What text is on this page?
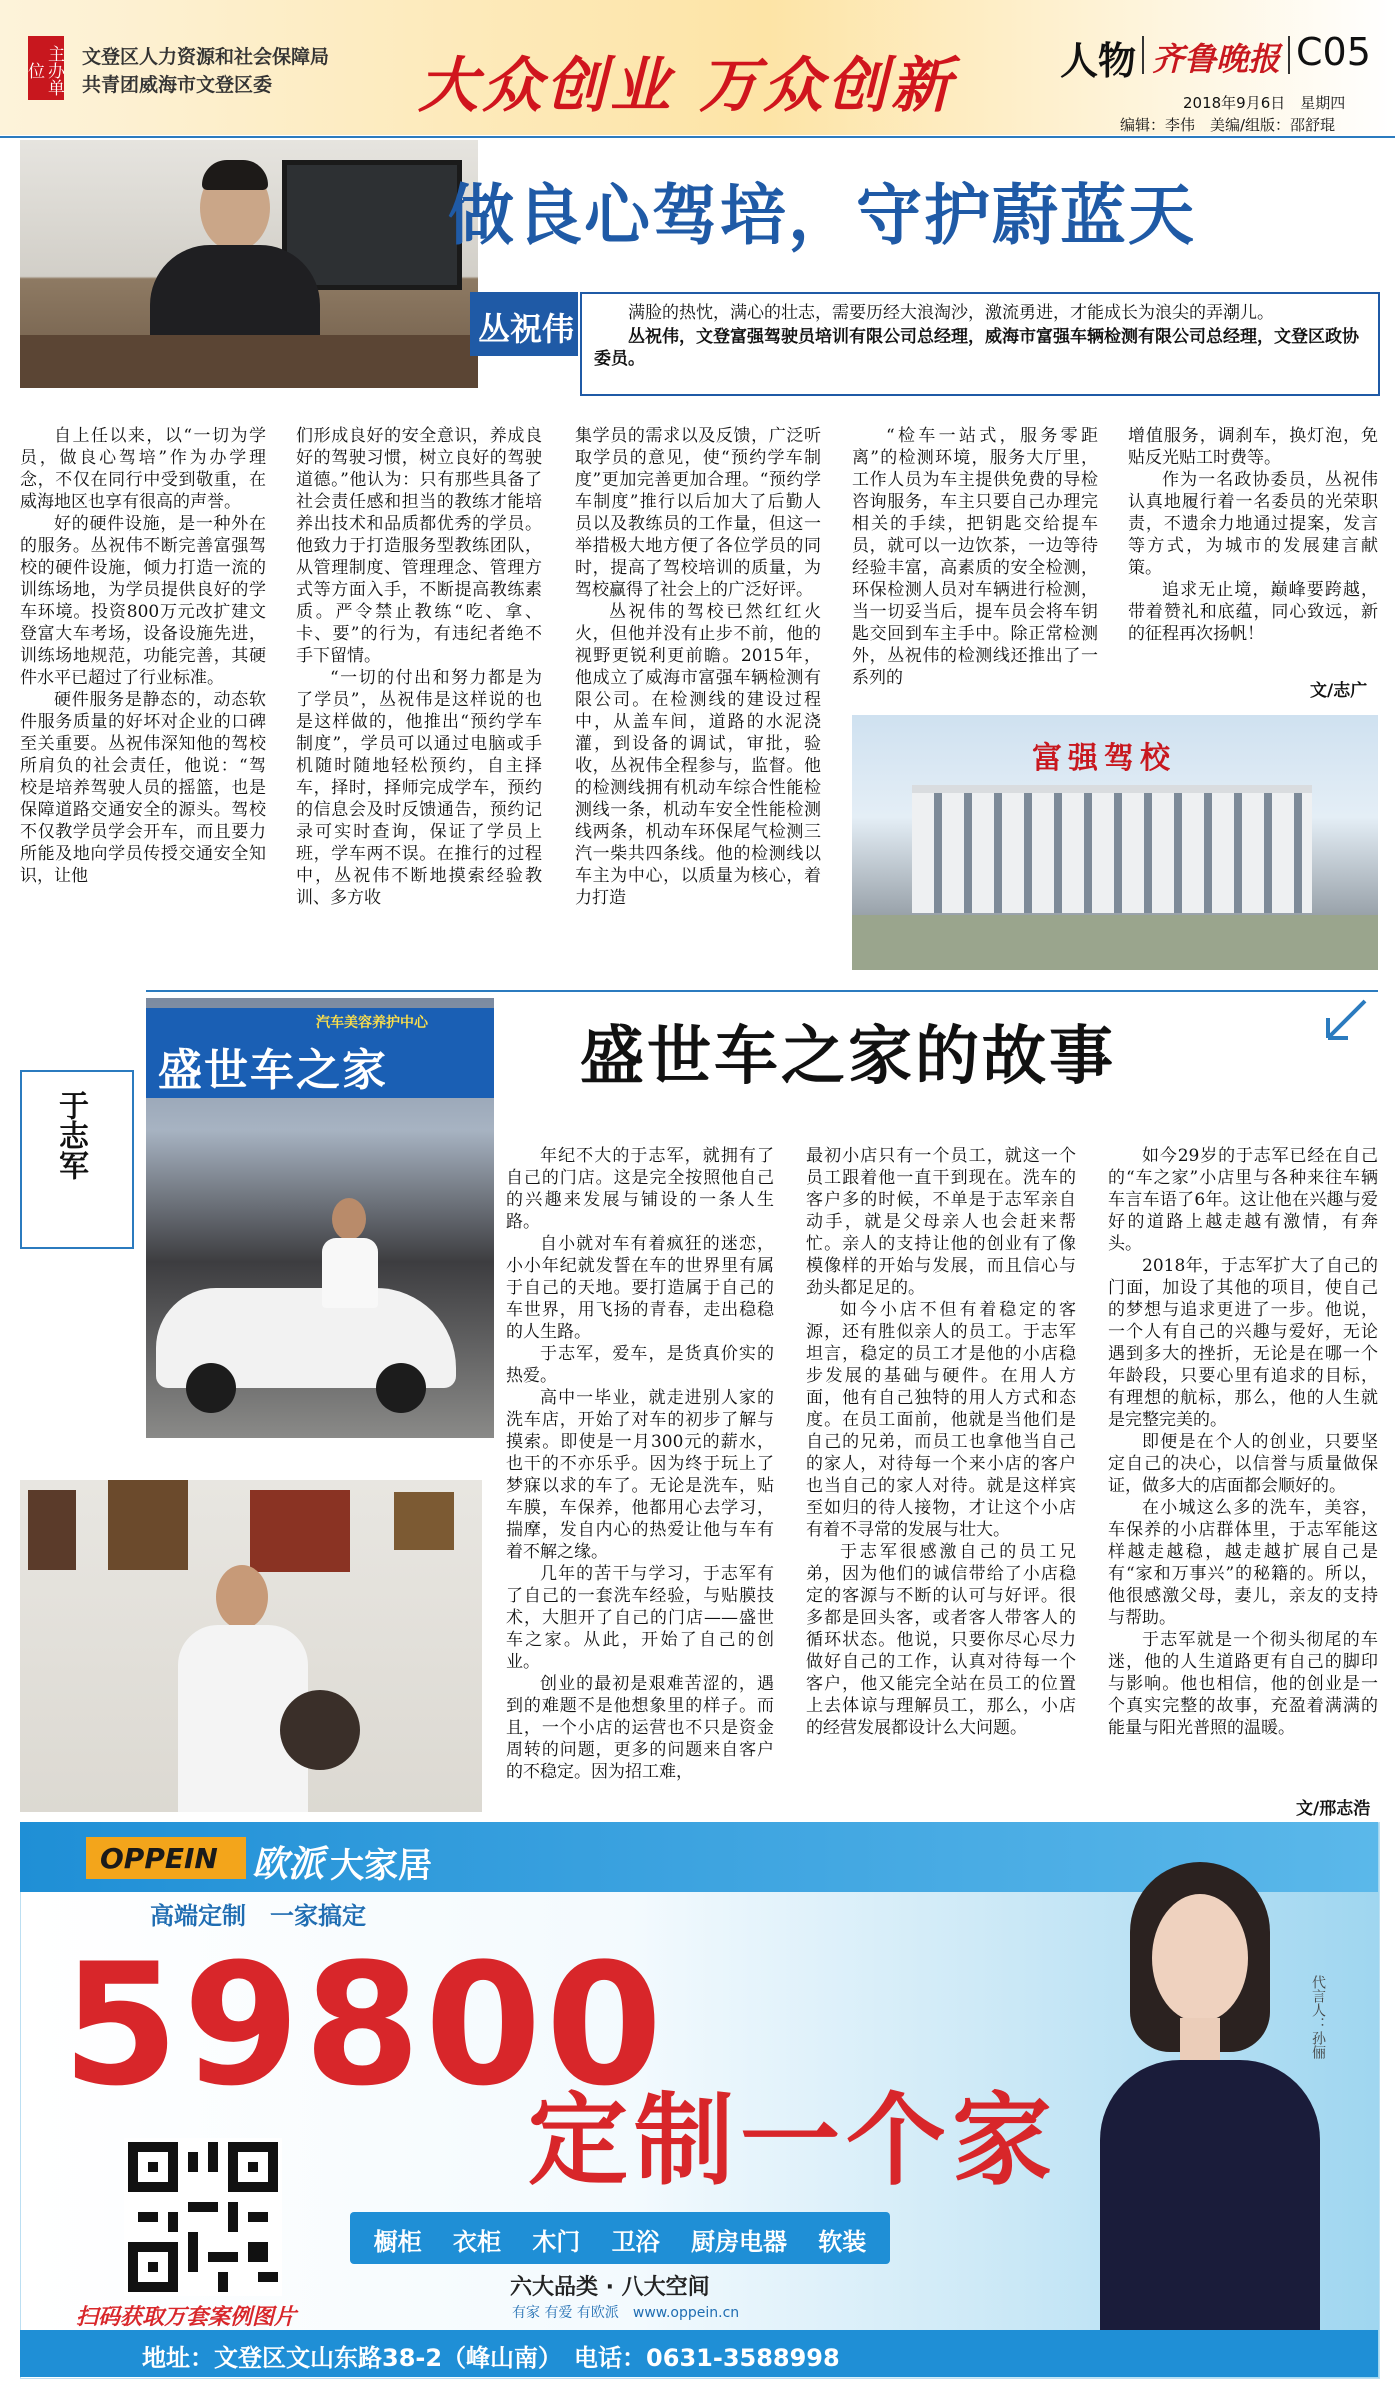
主办单位
文登区人力资源和社会保障局
共青团威海市文登区委 大众创业 万众创新	人物 齐鲁晚报 C05
2018年9月6日　星期四
编辑：李伟　美编/组版：邵舒琨
做良心驾培，守护蔚蓝天
丛祝伟	满脸的热忱，满心的壮志，需要历经大浪淘沙，激流勇进，才能成长为浪尖的弄潮儿。
丛祝伟，文登富强驾驶员培训有限公司总经理，威海市富强车辆检测有限公司总经理，文登区政协委员。

自上任以来，以“一切为学员，做良心驾培”作为办学理念，不仅在同行中受到敬重，在威海地区也享有很高的声誉。

好的硬件设施，是一种外在的服务。丛祝伟不断完善富强驾校的硬件设施，倾力打造一流的训练场地，为学员提供良好的学车环境。投资800万元改扩建文登富大车考场，设备设施先进，训练场地规范，功能完善，其硬件水平已超过了行业标准。

硬件服务是静态的，动态软件服务质量的好坏对企业的口碑至关重要。丛祝伟深知他的驾校所肩负的社会责任，他说：“驾校是培养驾驶人员的摇篮，也是保障道路交通安全的源头。驾校不仅教学员学会开车，而且要力所能及地向学员传授交通安全知识，让他

们形成良好的安全意识，养成良好的驾驶习惯，树立良好的驾驶道德。”他认为：只有那些具备了社会责任感和担当的教练才能培养出技术和品质都优秀的学员。他致力于打造服务型教练团队，从管理制度、管理理念、管理方式等方面入手，不断提高教练素质。严令禁止教练“吃、拿、卡、要”的行为，有违纪者绝不手下留情。

“一切的付出和努力都是为了学员”，丛祝伟是这样说的也是这样做的，他推出“预约学车制度”，学员可以通过电脑或手机随时随地轻松预约，自主择车，择时，择师完成学车，预约的信息会及时反馈通告，预约记录可实时查询，保证了学员上班，学车两不误。在推行的过程中，丛祝伟不断地摸索经验教训、多方收

集学员的需求以及反馈，广泛听取学员的意见，使“预约学车制度”更加完善更加合理。“预约学车制度”推行以后加大了后勤人员以及教练员的工作量，但这一举措极大地方便了各位学员的同时，提高了驾校培训的质量，为驾校赢得了社会上的广泛好评。

丛祝伟的驾校已然红红火火，但他并没有止步不前，他的视野更锐利更前瞻。2015年，他成立了威海市富强车辆检测有限公司。在检测线的建设过程中，从盖车间，道路的水泥浇灌，到设备的调试，审批，验收，丛祝伟全程参与，监督。他的检测线拥有机动车综合性能检测线一条，机动车安全性能检测线两条，机动车环保尾气检测三汽一柴共四条线。他的检测线以车主为中心，以质量为核心，着力打造

“检车一站式，服务零距离”的检测环境，服务大厅里，工作人员为车主提供免费的导检咨询服务，车主只要自己办理完相关的手续，把钥匙交给提车员，就可以一边饮茶，一边等待经验丰富，高素质的安全检测，环保检测人员对车辆进行检测，当一切妥当后，提车员会将车钥匙交回到车主手中。除正常检测外，丛祝伟的检测线还推出了一系列的

增值服务，调刹车，换灯泡，免贴反光贴工时费等。

作为一名政协委员，丛祝伟认真地履行着一名委员的光荣职责，不遗余力地通过提案，发言等方式，为城市的发展建言献策。

追求无止境，巅峰要跨越，带着赞礼和底蕴，同心致远，新的征程再次扬帆！

文/志广
富强驾校
于志军
汽车美容养护中心
盛世车之家	盛世车之家的故事

年纪不大的于志军，就拥有了自己的门店。这是完全按照他自己的兴趣来发展与铺设的一条人生路。

自小就对车有着疯狂的迷恋，小小年纪就发誓在车的世界里有属于自己的天地。要打造属于自己的车世界，用飞扬的青春，走出稳稳的人生路。

于志军，爱车，是货真价实的热爱。

高中一毕业，就走进别人家的洗车店，开始了对车的初步了解与摸索。即使是一月300元的薪水，也干的不亦乐乎。因为终于玩上了梦寐以求的车了。无论是洗车，贴车膜，车保养，他都用心去学习，揣摩，发自内心的热爱让他与车有着不解之缘。

几年的苦干与学习，于志军有了自己的一套洗车经验，与贴膜技术，大胆开了自己的门店——盛世车之家。从此，开始了自己的创业。

创业的最初是艰难苦涩的，遇到的难题不是他想象里的样子。而且，一个小店的运营也不只是资金周转的问题，更多的问题来自客户的不稳定。因为招工难，

最初小店只有一个员工，就这一个员工跟着他一直干到现在。洗车的客户多的时候，不单是于志军亲自动手，就是父母亲人也会赶来帮忙。亲人的支持让他的创业有了像模像样的开始与发展，而且信心与劲头都足足的。

如今小店不但有着稳定的客源，还有胜似亲人的员工。于志军坦言，稳定的员工才是他的小店稳步发展的基础与硬件。在用人方面，他有自己独特的用人方式和态度。在员工面前，他就是当他们是自己的兄弟，而员工也拿他当自己的家人，对待每一个来小店的客户也当自己的家人对待。就是这样宾至如归的待人接物，才让这个小店有着不寻常的发展与壮大。

于志军很感激自己的员工兄弟，因为他们的诚信带给了小店稳定的客源与不断的认可与好评。很多都是回头客，或者客人带客人的循环状态。他说，只要你尽心尽力做好自己的工作，认真对待每一个客户，他又能完全站在员工的位置上去体谅与理解员工，那么，小店的经营发展都设计么大问题。

如今29岁的于志军已经在自己的“车之家”小店里与各种来往车辆车言车语了6年。这让他在兴趣与爱好的道路上越走越有激情，有奔头。

2018年，于志军扩大了自己的门面，加设了其他的项目，使自己的梦想与追求更进了一步。他说，一个人有自己的兴趣与爱好，无论遇到多大的挫折，无论是在哪一个年龄段，只要心里有追求的目标，有理想的航标，那么，他的人生就是完整完美的。

即便是在个人的创业，只要坚定自己的决心，以信誉与质量做保证，做多大的店面都会顺好的。

在小城这么多的洗车，美容，车保养的小店群体里，于志军能这样越走越稳，越走越扩展自己是有“家和万事兴”的秘籍的。所以，他很感激父母，妻儿，亲友的支持与帮助。

于志军就是一个彻头彻尾的车迷，他的人生道路更有自己的脚印与影响。他也相信，他的创业是一个真实完整的故事，充盈着满满的能量与阳光普照的温暖。

文/邢志浩
OPPEIN 欧派 大家居
高端定制　一家搞定
59800
定制一个家
扫码获取万套案例图片
橱柜 衣柜 木门 卫浴 厨房电器 软装
六大品类 · 八大空间
有家 有爱 有欧派　www.oppein.cn
代言人：孙俪
地址：文登区文山东路38-2（峰山南）　电话：0631-3588998
